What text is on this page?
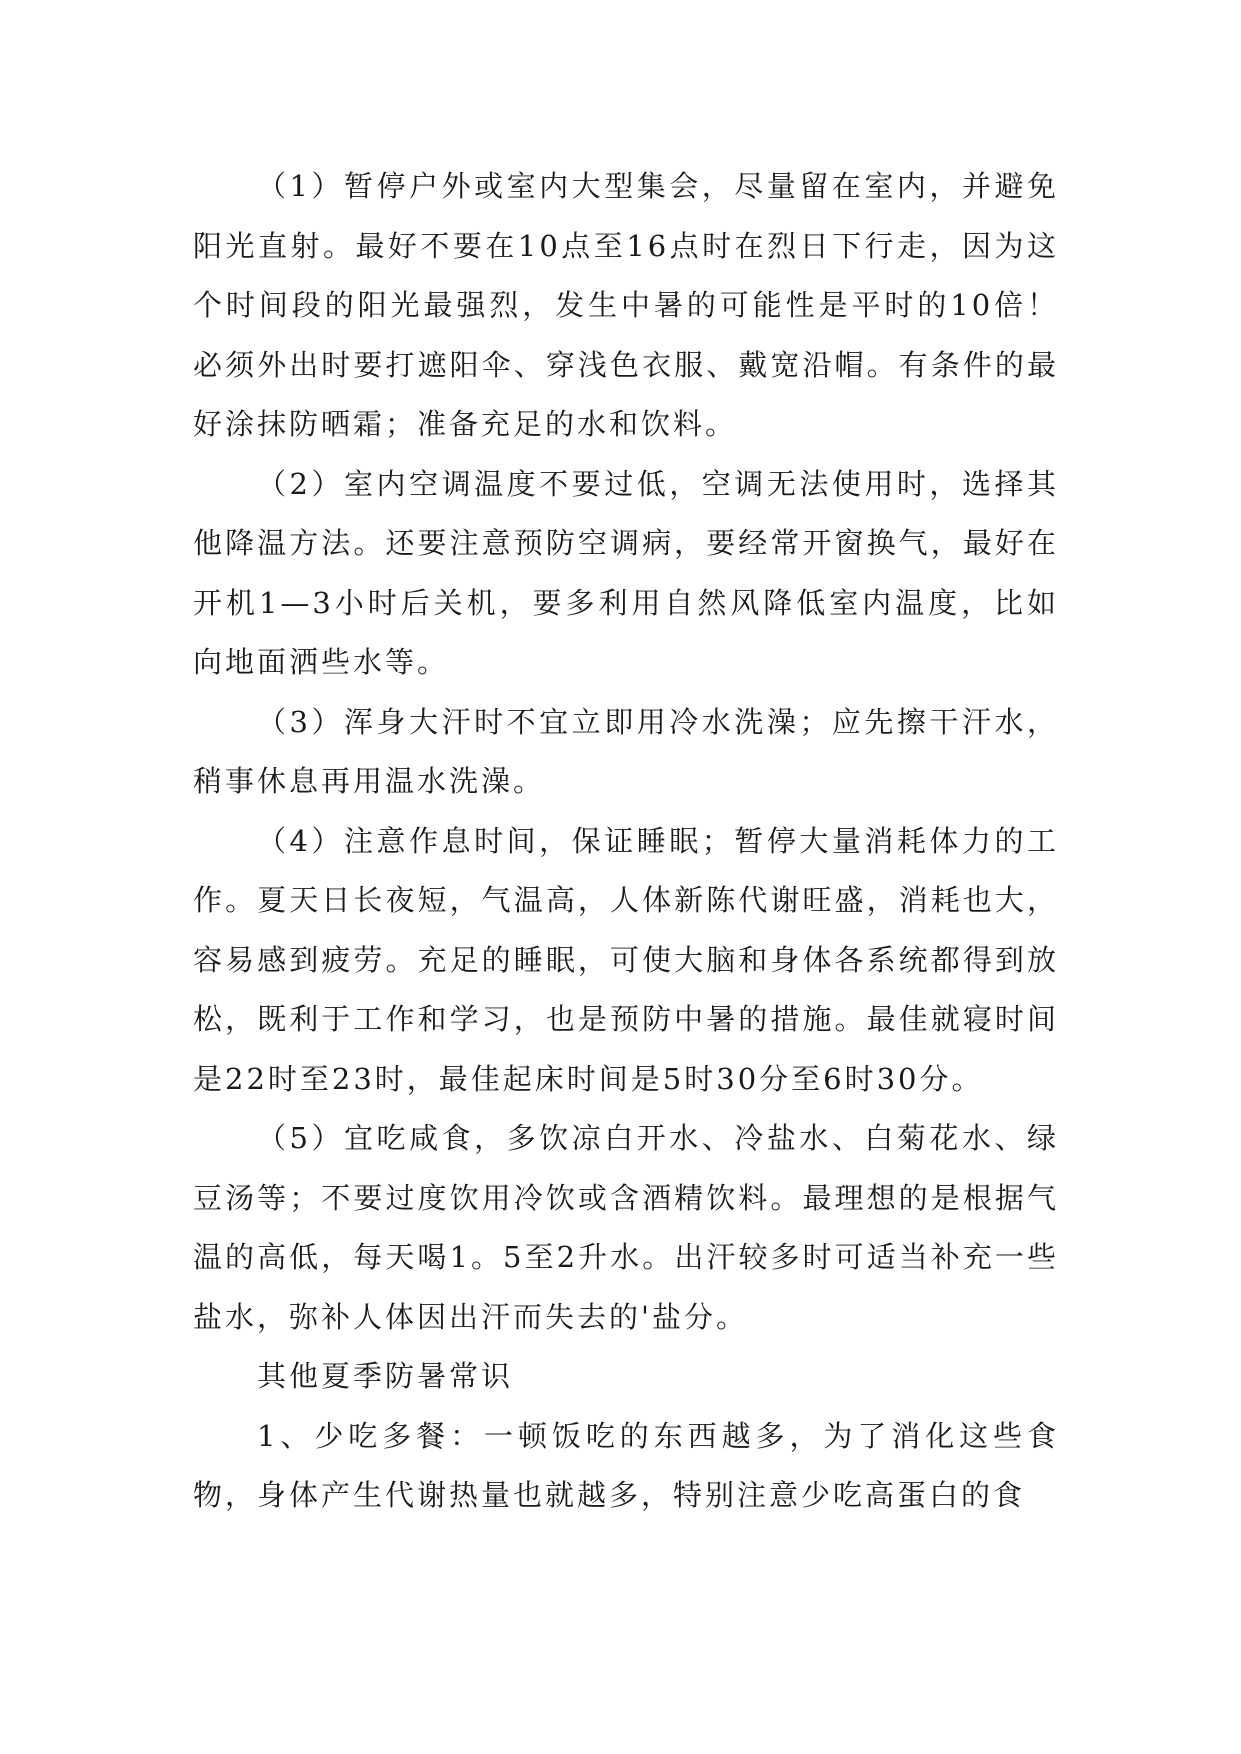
（1）暂停户外或室内大型集会，尽量留在室内，并避免阳光直射。最好不要在10点至16点时在烈日下行走，因为这个时间段的阳光最强烈，发生中暑的可能性是平时的10倍！必须外出时要打遮阳伞、穿浅色衣服、戴宽沿帽。有条件的最好涂抹防晒霜；准备充足的水和饮料。

（2）室内空调温度不要过低，空调无法使用时，选择其他降温方法。还要注意预防空调病，要经常开窗换气，最好在开机1—3小时后关机，要多利用自然风降低室内温度，比如向地面洒些水等。

（3）浑身大汗时不宜立即用冷水洗澡；应先擦干汗水，稍事休息再用温水洗澡。

（4）注意作息时间，保证睡眠；暂停大量消耗体力的工作。夏天日长夜短，气温高，人体新陈代谢旺盛，消耗也大，容易感到疲劳。充足的睡眠，可使大脑和身体各系统都得到放松，既利于工作和学习，也是预防中暑的措施。最佳就寝时间是22时至23时，最佳起床时间是5时30分至6时30分。

（5）宜吃咸食，多饮凉白开水、冷盐水、白菊花水、绿豆汤等；不要过度饮用冷饮或含酒精饮料。最理想的是根据气温的高低，每天喝1。5至2升水。出汗较多时可适当补充一些盐水，弥补人体因出汗而失去的'盐分。

其他夏季防暑常识

1、少吃多餐：一顿饭吃的东西越多，为了消化这些食物，身体产生代谢热量也就越多，特别注意少吃高蛋白的食
